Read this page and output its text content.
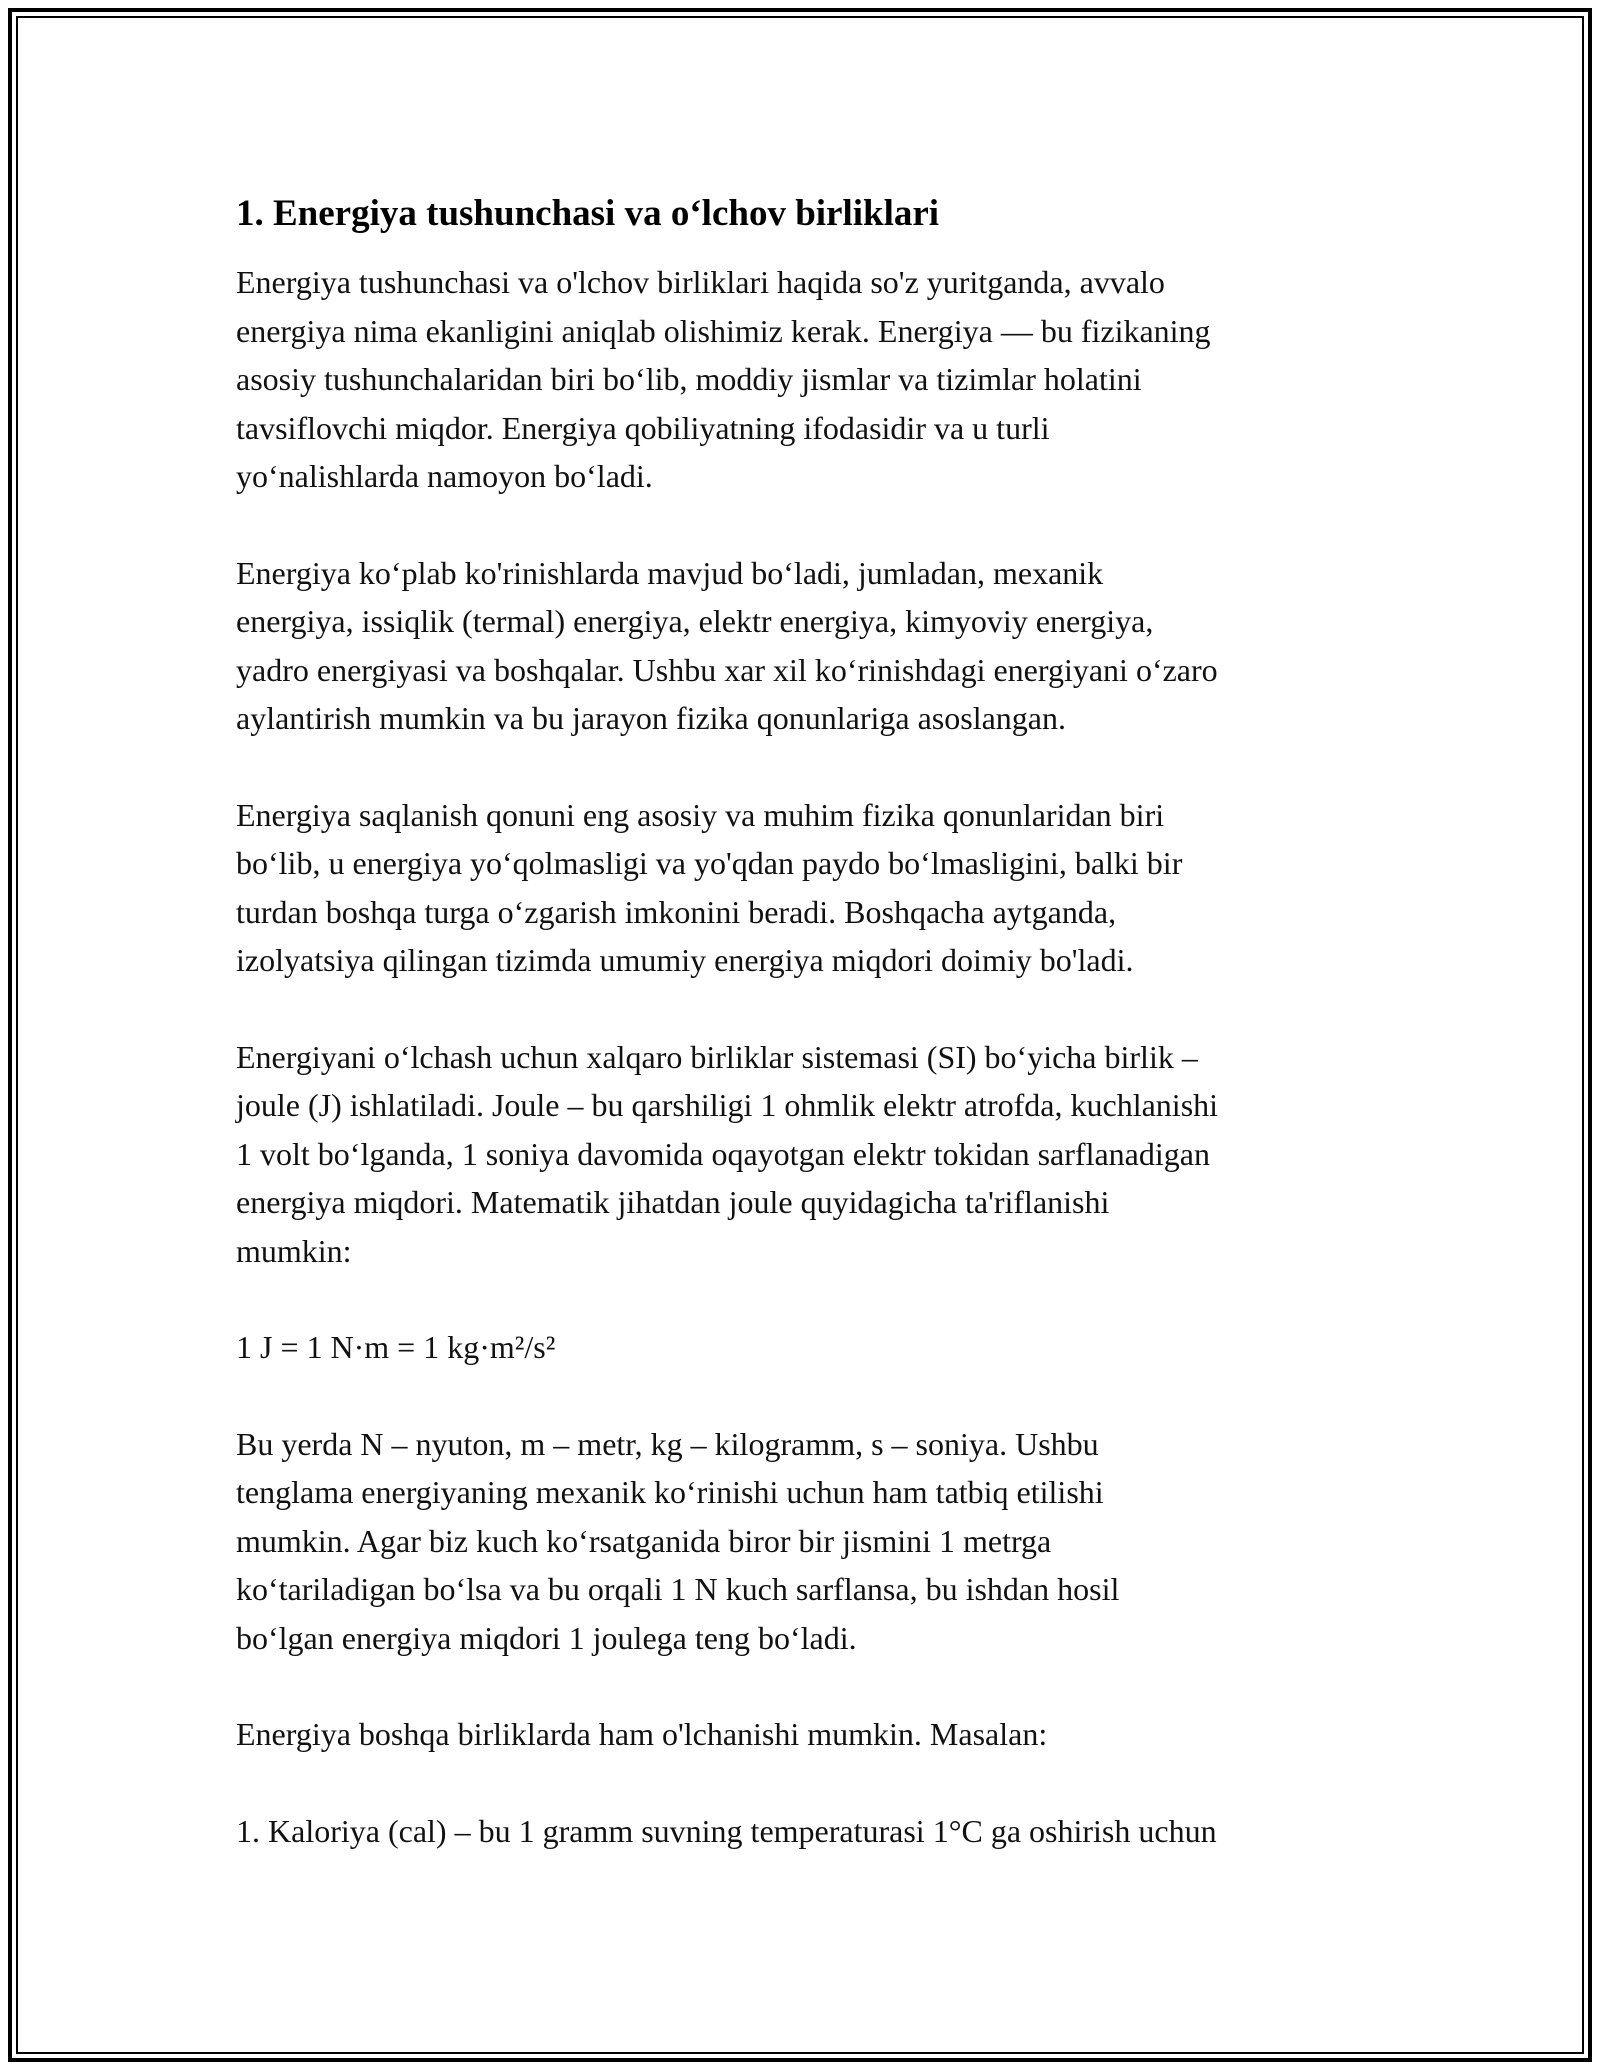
1. Energiya tushunchasi va o‘lchov birliklari

Energiya tushunchasi va o'lchov birliklari haqida so'z yuritganda, avvalo
energiya nima ekanligini aniqlab olishimiz kerak. Energiya — bu fizikaning
asosiy tushunchalaridan biri bo‘lib, moddiy jismlar va tizimlar holatini
tavsiflovchi miqdor. Energiya qobiliyatning ifodasidir va u turli
yo‘nalishlarda namoyon bo‘ladi.

Energiya ko‘plab ko'rinishlarda mavjud bo‘ladi, jumladan, mexanik
energiya, issiqlik (termal) energiya, elektr energiya, kimyoviy energiya,
yadro energiyasi va boshqalar. Ushbu xar xil ko‘rinishdagi energiyani o‘zaro
aylantirish mumkin va bu jarayon fizika qonunlariga asoslangan.

Energiya saqlanish qonuni eng asosiy va muhim fizika qonunlaridan biri
bo‘lib, u energiya yo‘qolmasligi va yo'qdan paydo bo‘lmasligini, balki bir
turdan boshqa turga o‘zgarish imkonini beradi. Boshqacha aytganda,
izolyatsiya qilingan tizimda umumiy energiya miqdori doimiy bo'ladi.

Energiyani o‘lchash uchun xalqaro birliklar sistemasi (SI) bo‘yicha birlik –
joule (J) ishlatiladi. Joule – bu qarshiligi 1 ohmlik elektr atrofda, kuchlanishi
1 volt bo‘lganda, 1 soniya davomida oqayotgan elektr tokidan sarflanadigan
energiya miqdori. Matematik jihatdan joule quyidagicha ta'riflanishi
mumkin:

1 J = 1 N·m = 1 kg·m²/s²

Bu yerda N – nyuton, m – metr, kg – kilogramm, s – soniya. Ushbu
tenglama energiyaning mexanik ko‘rinishi uchun ham tatbiq etilishi
mumkin. Agar biz kuch ko‘rsatganida biror bir jismini 1 metrga
ko‘tariladigan bo‘lsa va bu orqali 1 N kuch sarflansa, bu ishdan hosil
bo‘lgan energiya miqdori 1 joulega teng bo‘ladi.

Energiya boshqa birliklarda ham o'lchanishi mumkin. Masalan:

1. Kaloriya (cal) – bu 1 gramm suvning temperaturasi 1°C ga oshirish uchun
